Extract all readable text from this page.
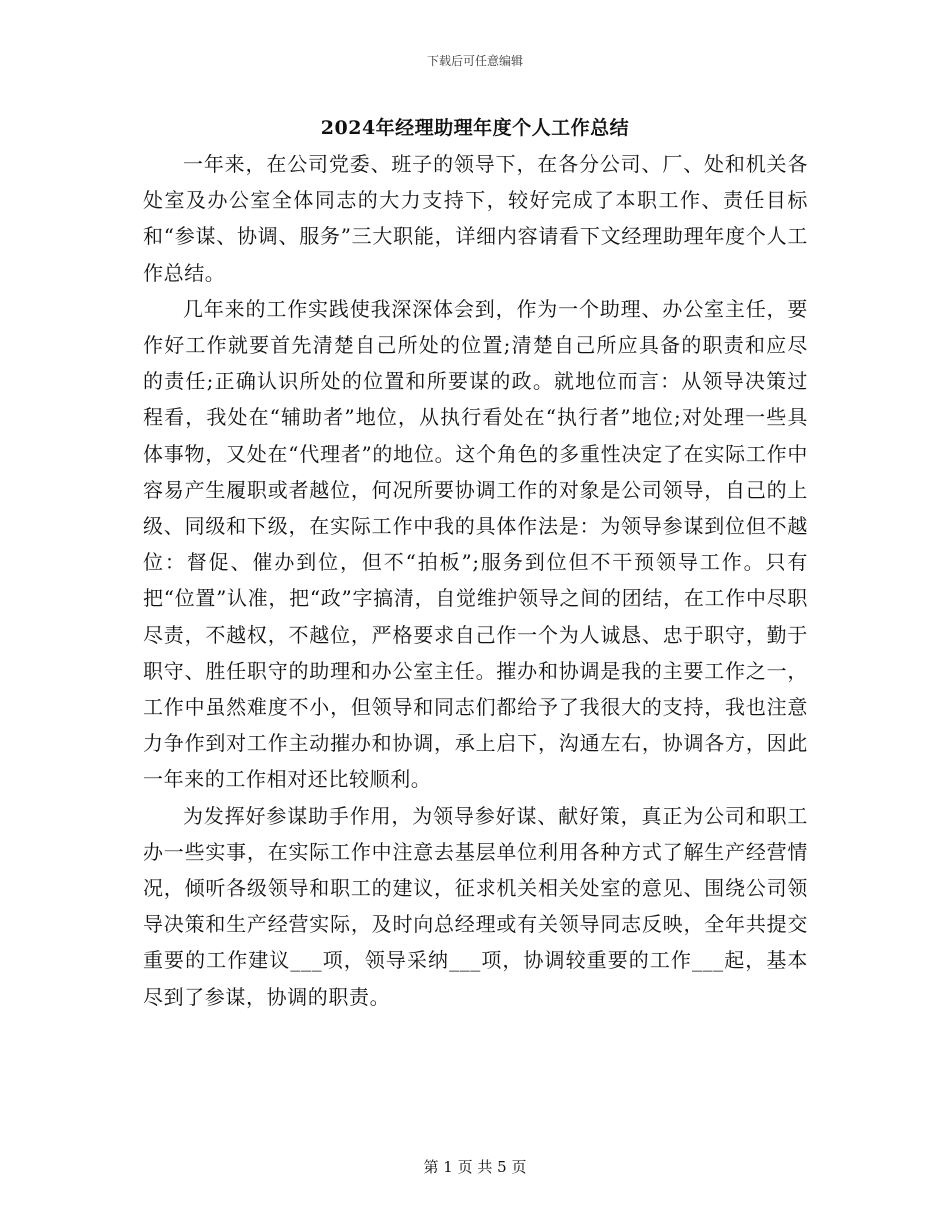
下载后可任意编辑
2024年经理助理年度个人工作总结

一年来，在公司党委、班子的领导下，在各分公司、厂、处和机关各处室及办公室全体同志的大力支持下，较好完成了本职工作、责任目标和“参谋、协调、服务”三大职能，详细内容请看下文经理助理年度个人工作总结。

几年来的工作实践使我深深体会到，作为一个助理、办公室主任，要作好工作就要首先清楚自己所处的位置;清楚自己所应具备的职责和应尽的责任;正确认识所处的位置和所要谋的政。就地位而言：从领导决策过程看，我处在“辅助者”地位，从执行看处在“执行者”地位;对处理一些具体事物，又处在“代理者”的地位。这个角色的多重性决定了在实际工作中容易产生履职或者越位，何况所要协调工作的对象是公司领导，自己的上级、同级和下级，在实际工作中我的具体作法是：为领导参谋到位但不越位：督促、催办到位，但不“拍板”;服务到位但不干预领导工作。只有把“位置”认准，把“政”字搞清，自觉维护领导之间的团结，在工作中尽职尽责，不越权，不越位，严格要求自己作一个为人诚恳、忠于职守，勤于职守、胜任职守的助理和办公室主任。摧办和协调是我的主要工作之一，工作中虽然难度不小，但领导和同志们都给予了我很大的支持，我也注意力争作到对工作主动摧办和协调，承上启下，沟通左右，协调各方，因此一年来的工作相对还比较顺利。

为发挥好参谋助手作用，为领导参好谋、献好策，真正为公司和职工办一些实事，在实际工作中注意去基层单位利用各种方式了解生产经营情况，倾听各级领导和职工的建议，征求机关相关处室的意见、围绕公司领导决策和生产经营实际，及时向总经理或有关领导同志反映，全年共提交重要的工作建议___项，领导采纳___项，协调较重要的工作___起，基本尽到了参谋，协调的职责。

第 1 页 共 5 页
